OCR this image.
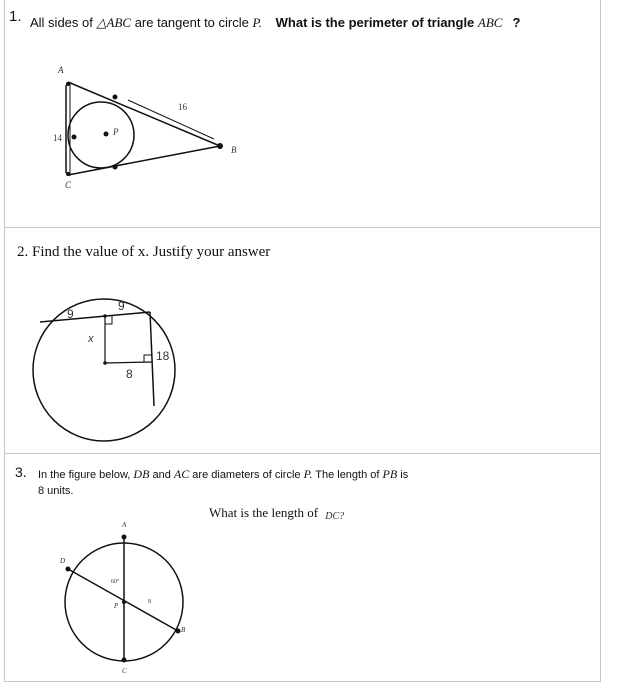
1. All sides of △ABC are tangent to circle P. What is the perimeter of triangle ABC ?
A
B
C
P
16
14
2. Find the value of x. Justify your answer
9
9
x
8
18
3. In the figure below, DB and AC are diameters of circle P. The length of PB is
8 units.
What is the length of DC?
A
B
C
D
P
60°
8
